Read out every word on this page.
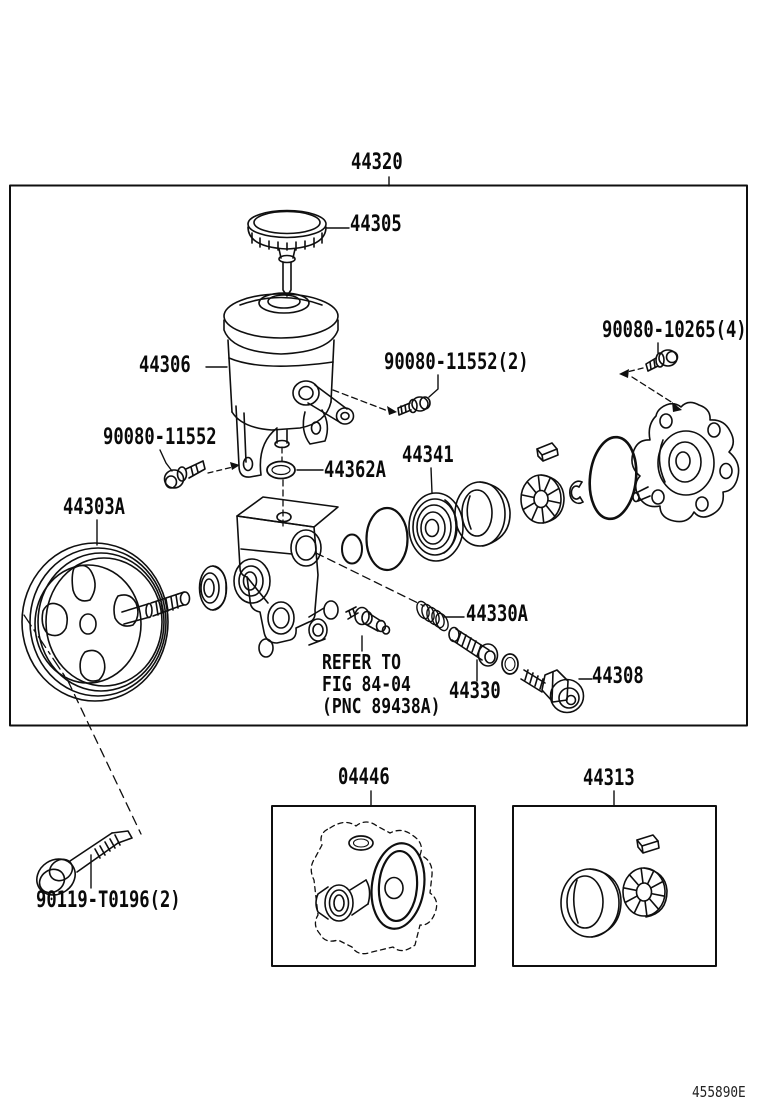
44320
44305
44306	90080-11552(2)
90080-10265(4)
90080-11552
44303A
44362A
44341
44330A
44330
44308
04446	44313
90119-T0196(2)
REFER TO
FIG 84-04
(PNC 89438A)
455890E
